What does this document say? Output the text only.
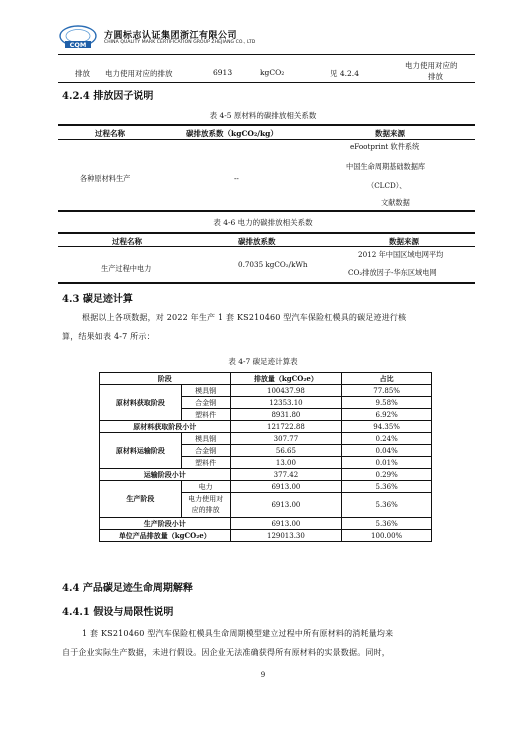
CQM
方圆标志认证集团浙江有限公司
CHINA QUALITY MARK CERTIFICATION GROUP ZHEJIANG CO., LTD
排放 电力使用对应的排放	6913	kgCO₂	见 4.2.4
电力使用对应的
排放
4.2.4 排放因子说明
表 4-5 原材料的碳排放相关系数
过程名称	碳排放系数（kgCO₂/kg）	数据来源
各种原材料生产	--
eFootprint 软件系统
中国生命周期基础数据库
（CLCD）、
文献数据
表 4-6 电力的碳排放相关系数
过程名称	碳排放系数	数据来源
生产过程中电力	0.7035 kgCO₂/kWh
2012 年中国区域电网平均
CO₂排放因子-华东区域电网
4.3 碳足迹计算

根据以上各项数据，对 2022 年生产 1 套 KS210460 型汽车保险杠模具的碳足迹进行核

算，结果如表 4-7 所示：

表 4-7 碳足迹计算表
阶段		排放量（kgCO₂e）	占比
原材料获取阶段	模具钢	100437.98	77.85%
	合金钢	12353.10	9.58%
	塑料件	8931.80	6.92%
原材料获取阶段小计		121722.88	94.35%
原材料运输阶段	模具钢	307.77	0.24%
	合金钢	56.65	0.04%
	塑料件	13.00	0.01%
运输阶段小计		377.42	0.29%
生产阶段	电力	6913.00	5.36%
	电力使用对
应的排放	6913.00	5.36%
生产阶段小计		6913.00	5.36%
单位产品排放量（kgCO₂e）		129013.30	100.00%
4.4 产品碳足迹生命周期解释
4.4.1 假设与局限性说明

1 套 KS210460 型汽车保险杠模具生命周期模型建立过程中所有原材料的消耗量均来

自于企业实际生产数据，未进行假设。因企业无法准确获得所有原材料的实景数据。同时，

9
